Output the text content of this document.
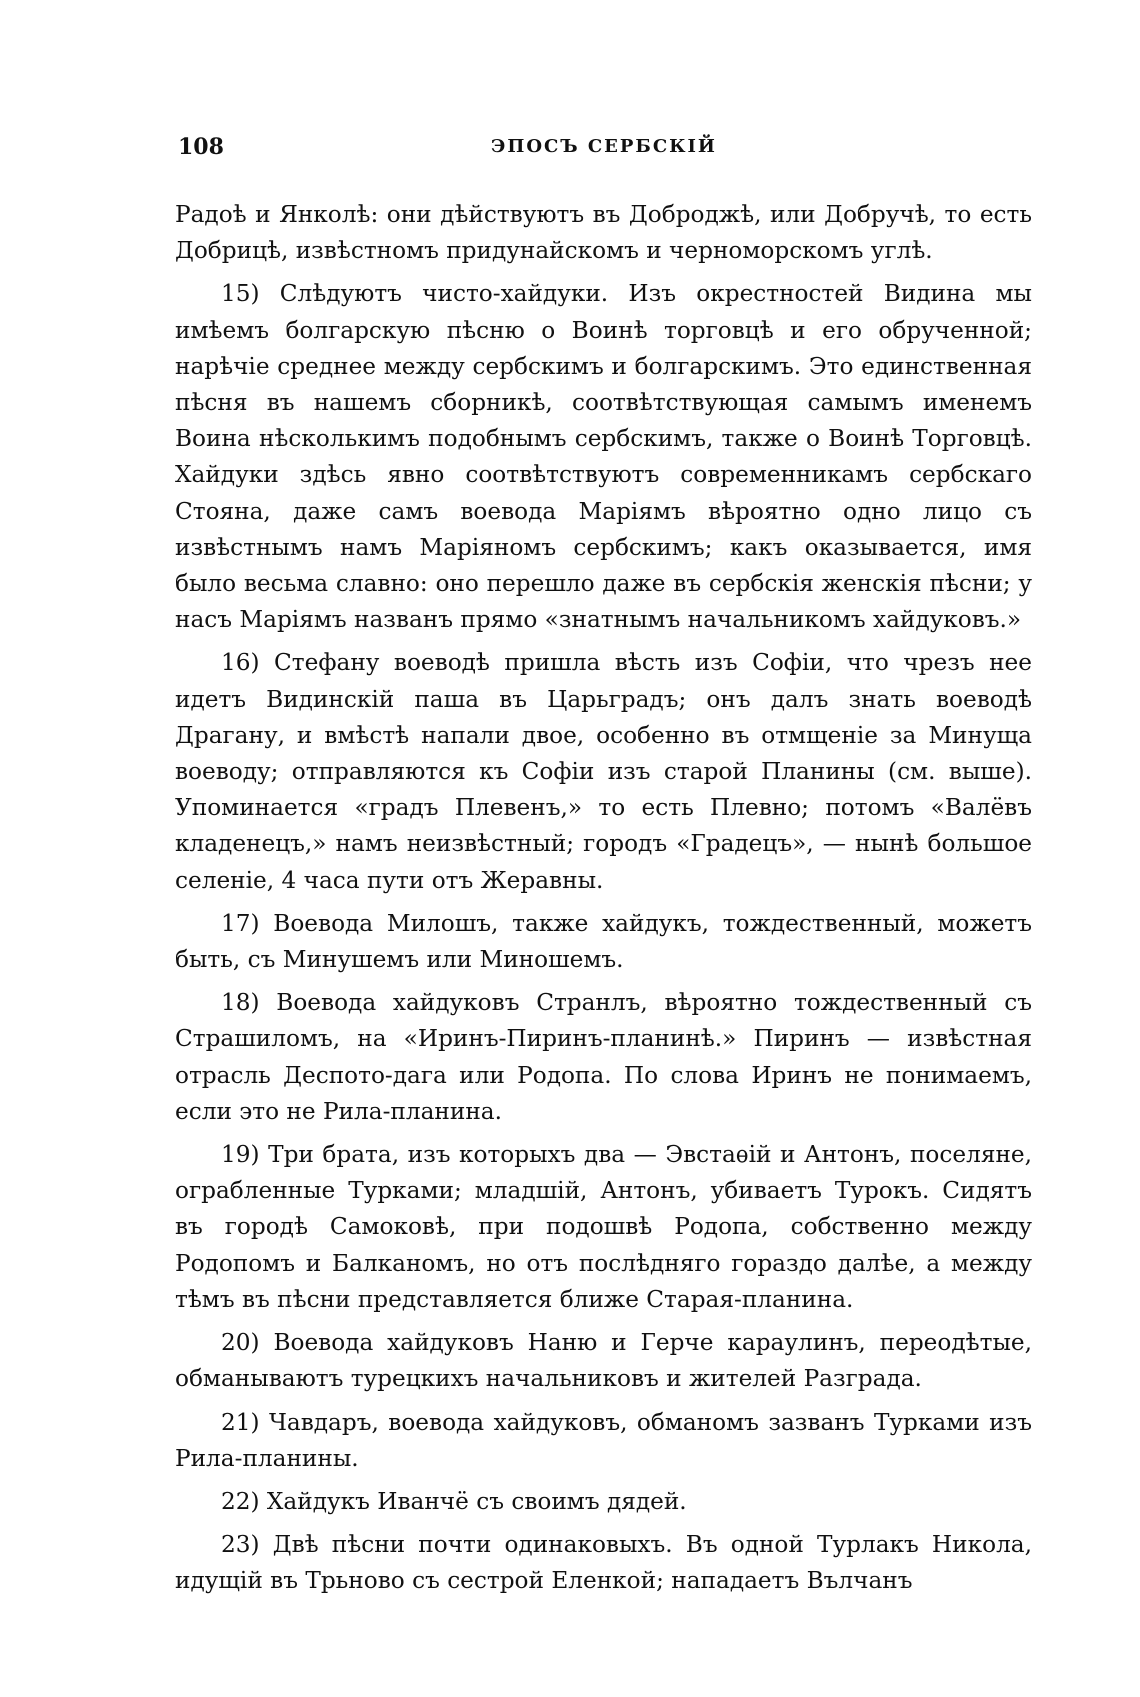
108	ЭПОСЪ СЕРБСКІЙ

Радоѣ и Янколѣ: они дѣйствуютъ въ Доброджѣ, или Добручѣ, то есть Добрицѣ, извѣстномъ придунайскомъ и черноморскомъ углѣ.

15) Слѣдуютъ чисто-хайдуки. Изъ окрестностей Видина мы имѣемъ болгарскую пѣсню о Воинѣ торговцѣ и его обрученной; нарѣчіе среднее между сербскимъ и болгарскимъ. Это единственная пѣсня въ нашемъ сборникѣ, соотвѣтствующая самымъ именемъ Воина нѣсколькимъ подобнымъ сербскимъ, также о Воинѣ Торговцѣ. Хайдуки здѣсь явно соотвѣтствуютъ современникамъ сербскаго Стояна, даже самъ воевода Маріямъ вѣроятно одно лицо съ извѣстнымъ намъ Маріяномъ сербскимъ; какъ оказывается, имя было весьма славно: оно перешло даже въ сербскія женскія пѣсни; у насъ Маріямъ названъ прямо «знатнымъ начальникомъ хайдуковъ.»

16) Стефану воеводѣ пришла вѣсть изъ Софіи, что чрезъ нее идетъ Видинскій паша въ Царьградъ; онъ далъ знать воеводѣ Драгану, и вмѣстѣ напали двое, особенно въ отмщеніе за Минуща воеводу; отправляются къ Софіи изъ старой Планины (см. выше). Упоминается «градъ Плевенъ,» то есть Плевно; потомъ «Валёвъ кладенецъ,» намъ неизвѣстный; городъ «Градецъ», — нынѣ большое селеніе, 4 часа пути отъ Жеравны.

17) Воевода Милошъ, также хайдукъ, тождественный, можетъ быть, съ Минушемъ или Миношемъ.

18) Воевода хайдуковъ Странлъ, вѣроятно тождественный съ Страшиломъ, на «Иринъ-Пиринъ-планинѣ.» Пиринъ — извѣстная отрасль Деспото-дага или Родопа. По слова Иринъ не понимаемъ, если это не Рила-планина.

19) Три брата, изъ которыхъ два — Эвстаѳій и Антонъ, поселяне, ограбленные Турками; младшій, Антонъ, убиваетъ Турокъ. Сидятъ въ городѣ Самоковѣ, при подошвѣ Родопа, собственно между Родопомъ и Балканомъ, но отъ послѣдняго гораздо далѣе, а между тѣмъ въ пѣсни представляется ближе Старая-планина.

20) Воевода хайдуковъ Наню и Герче караулинъ, переодѣтые, обманываютъ турецкихъ начальниковъ и жителей Разграда.

21) Чавдаръ, воевода хайдуковъ, обманомъ зазванъ Турками изъ Рила-планины.

22) Хайдукъ Иванчё съ своимъ дядей.

23) Двѣ пѣсни почти одинаковыхъ. Въ одной Турлакъ Никола, идущій въ Трьново съ сестрой Еленкой; нападаетъ Вълчанъ
